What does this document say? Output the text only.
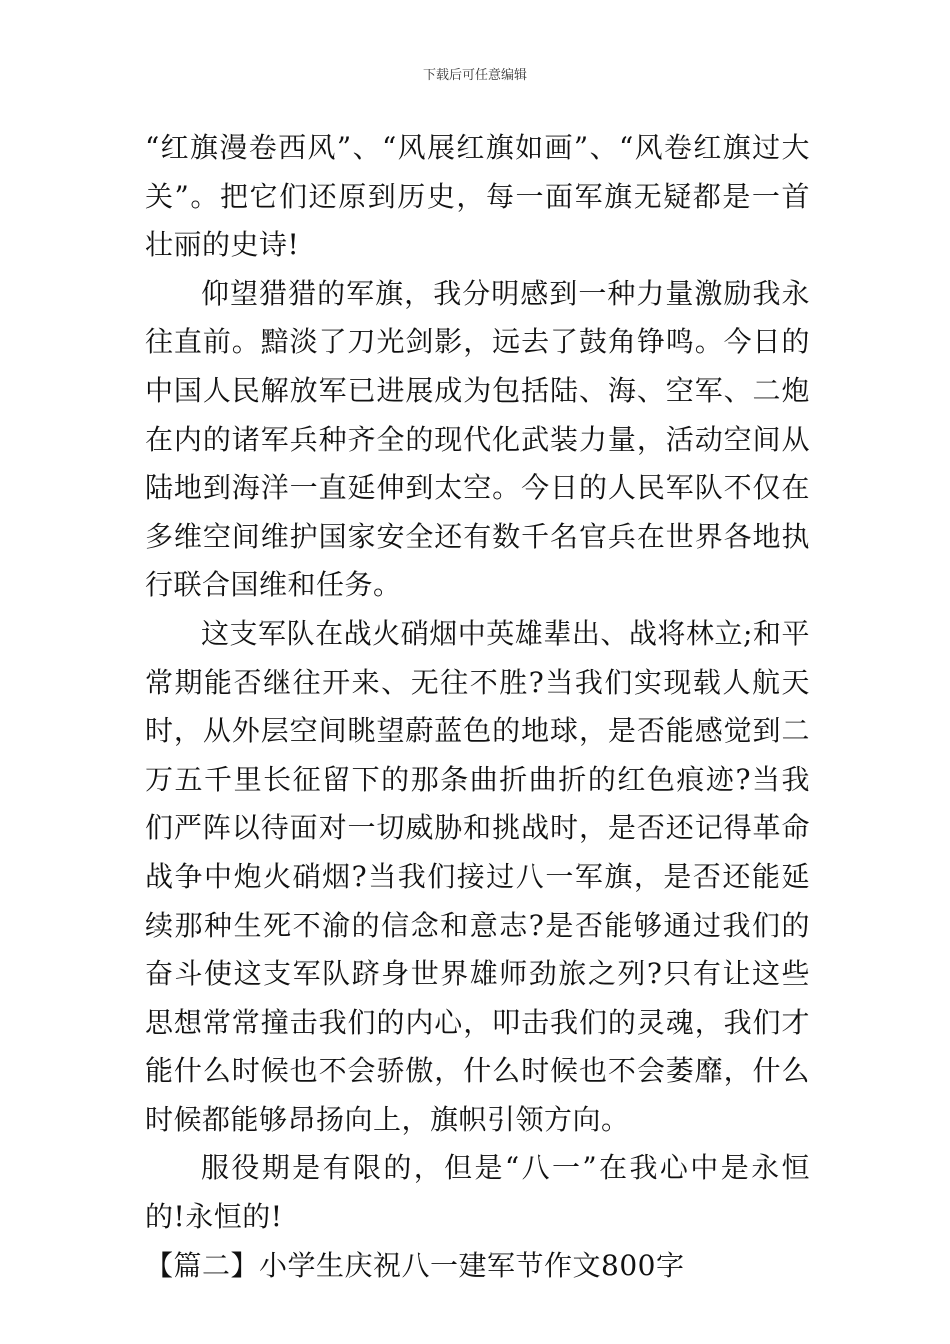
下载后可任意编辑

“红旗漫卷西风”、“风展红旗如画”、“风卷红旗过大关”。把它们还原到历史，每一面军旗无疑都是一首壮丽的史诗!

仰望猎猎的军旗，我分明感到一种力量激励我永往直前。黯淡了刀光剑影，远去了鼓角铮鸣。今日的中国人民解放军已进展成为包括陆、海、空军、二炮在内的诸军兵种齐全的现代化武装力量，活动空间从陆地到海洋一直延伸到太空。今日的人民军队不仅在多维空间维护国家安全还有数千名官兵在世界各地执行联合国维和任务。

这支军队在战火硝烟中英雄辈出、战将林立;和平常期能否继往开来、无往不胜?当我们实现载人航天时，从外层空间眺望蔚蓝色的地球，是否能感觉到二万五千里长征留下的那条曲折曲折的红色痕迹?当我们严阵以待面对一切威胁和挑战时，是否还记得革命战争中炮火硝烟?当我们接过八一军旗，是否还能延续那种生死不渝的信念和意志?是否能够通过我们的奋斗使这支军队跻身世界雄师劲旅之列?只有让这些思想常常撞击我们的内心，叩击我们的灵魂，我们才能什么时候也不会骄傲，什么时候也不会萎靡，什么时候都能够昂扬向上，旗帜引领方向。

服役期是有限的，但是“八一”在我心中是永恒的!永恒的!

【篇二】小学生庆祝八一建军节作文800字
